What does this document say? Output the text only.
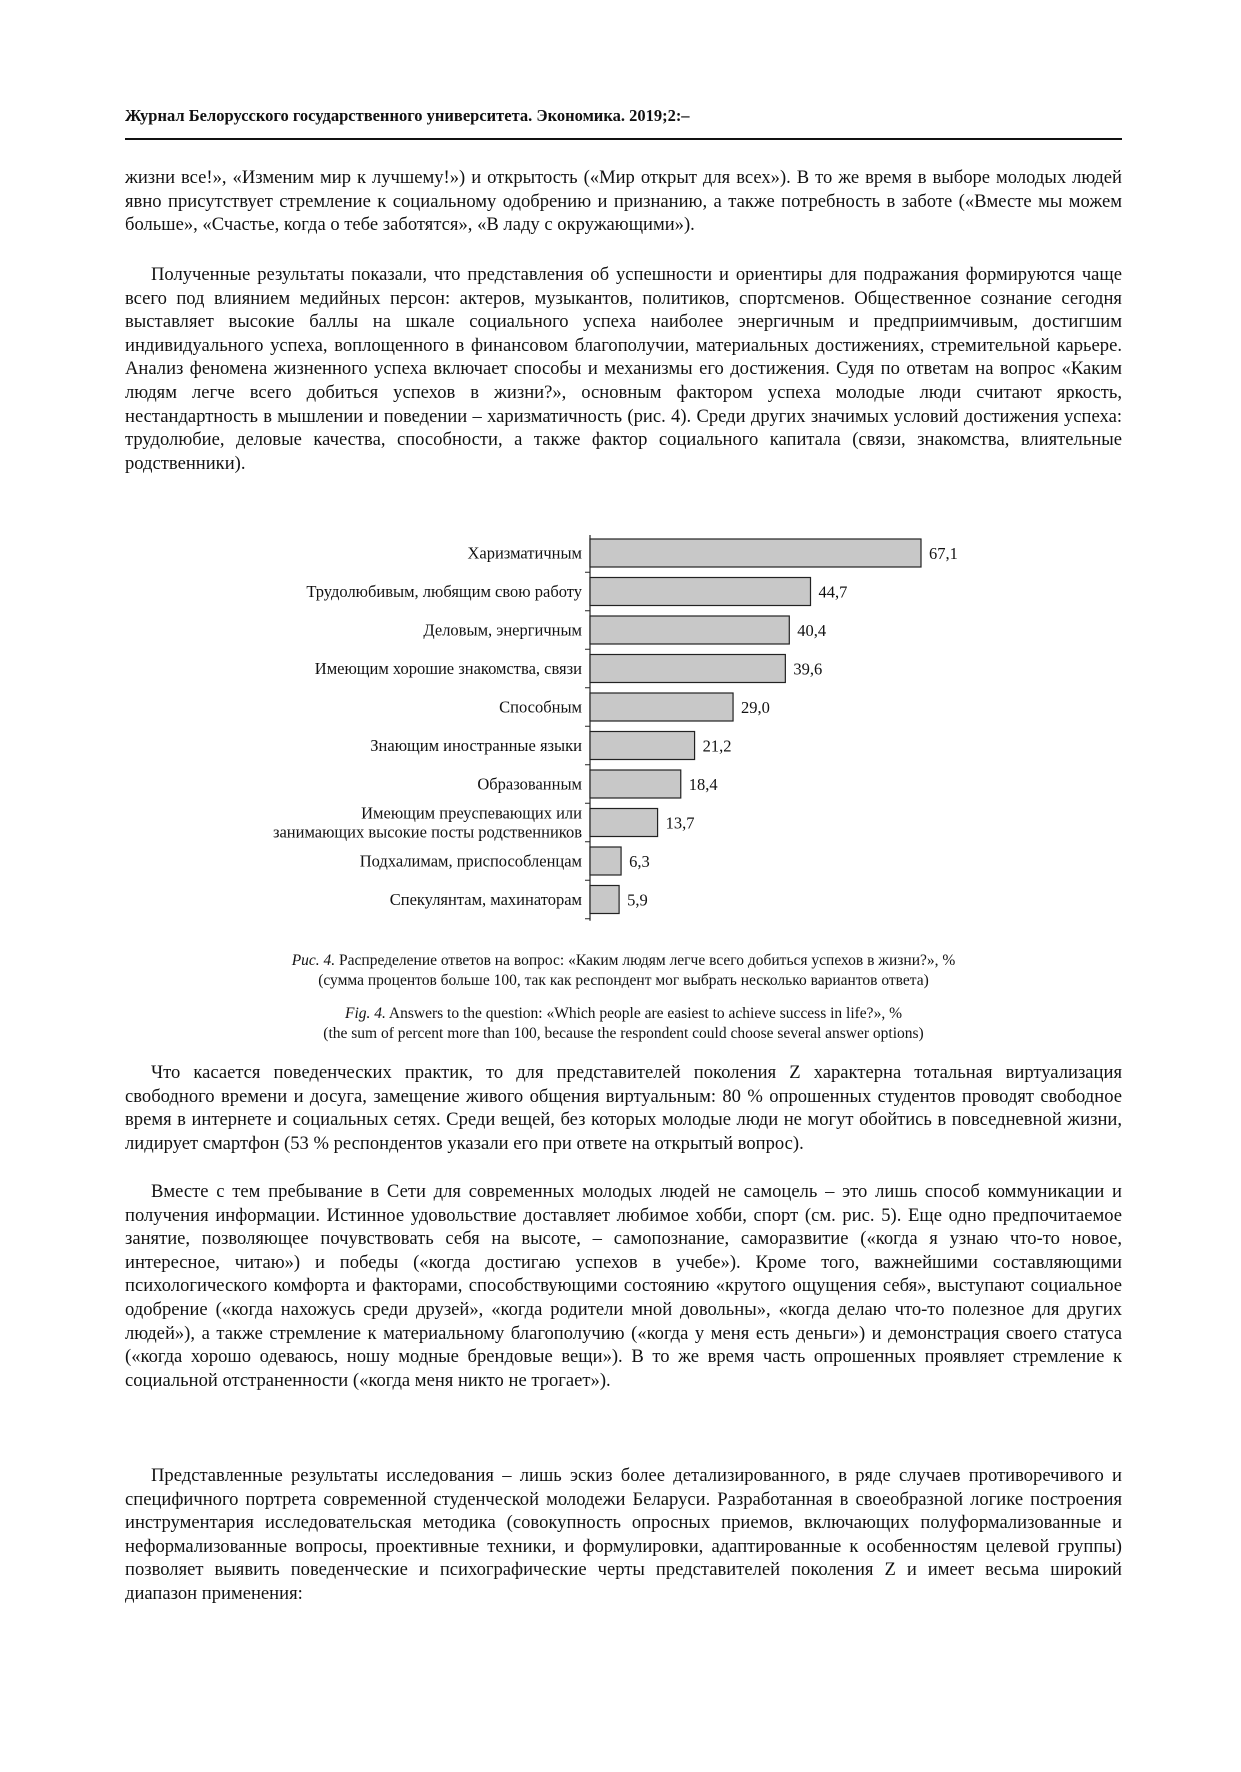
Журнал Белорусского государственного университета. Экономика. 2019;2:–

жизни все!», «Изменим мир к лучшему!») и открытость («Мир открыт для всех»). В то же время в выборе молодых людей явно присутствует стремление к социальному одобрению и признанию, а также потребность в заботе («Вместе мы можем больше», «Счастье, когда о тебе заботятся», «В ладу с окружающими»).

Полученные результаты показали, что представления об успешности и ориентиры для подражания формируются чаще всего под влиянием медийных персон: актеров, музыкантов, политиков, спортсменов. Общественное сознание сегодня выставляет высокие баллы на шкале социального успеха наиболее энергичным и предприимчивым, достигшим индивидуального успеха, воплощенного в финансовом благополучии, материальных достижениях, стремительной карьере. Анализ феномена жизненного успеха включает способы и механизмы его достижения. Судя по ответам на вопрос «Каким людям легче всего добиться успехов в жизни?», основным фактором успеха молодые люди считают яркость, нестандартность в мышлении и поведении – харизматичность (рис. 4). Среди других значимых условий достижения успеха: трудолюбие, деловые качества, способности, а также фактор социального капитала (связи, знакомства, влиятельные родственники).

67,1
Харизматичным
44,7
Трудолюбивым, любящим свою работу
40,4
Деловым, энергичным
39,6
Имеющим хорошие знакомства, связи
29,0
Способным
21,2
Знающим иностранные языки
18,4
Образованным
13,7
Имеющим преуспевающих или занимающих высокие посты родственников
6,3
Подхалимам, приспособленцам
5,9
Спекулянтам, махинаторам
Рис. 4. Распределение ответов на вопрос: «Каким людям легче всего добиться успехов в жизни?», %
(сумма процентов больше 100, так как респондент мог выбрать несколько вариантов ответа)
Fig. 4. Answers to the question: «Which people are easiest to achieve success in life?», %
(the sum of percent more than 100, because the respondent could choose several answer options)

Что касается поведенческих практик, то для представителей поколения Z характерна тотальная виртуализация свободного времени и досуга, замещение живого общения виртуальным: 80 % опрошенных студентов проводят свободное время в интернете и социальных сетях. Среди вещей, без которых молодые люди не могут обойтись в повседневной жизни, лидирует смартфон (53 % респондентов указали его при ответе на открытый вопрос).

Вместе с тем пребывание в Сети для современных молодых людей не самоцель – это лишь способ коммуникации и получения информации. Истинное удовольствие доставляет любимое хобби, спорт (см. рис. 5). Еще одно предпочитаемое занятие, позволяющее почувствовать себя на высоте, – самопознание, саморазвитие («когда я узнаю что-то новое, интересное, читаю») и победы («когда достигаю успехов в учебе»). Кроме того, важнейшими составляющими психологического комфорта и факторами, способствующими состоянию «крутого ощущения себя», выступают социальное одобрение («когда нахожусь среди друзей», «когда родители мной довольны», «когда делаю что-то полезное для других людей»), а также стремление к материальному благополучию («когда у меня есть деньги») и демонстрация своего статуса («когда хорошо одеваюсь, ношу модные брендовые вещи»). В то же время часть опрошенных проявляет стремление к социальной отстраненности («когда меня никто не трогает»).

Представленные результаты исследования – лишь эскиз более детализированного, в ряде случаев противоречивого и специфичного портрета современной студенческой молодежи Беларуси. Разработанная в своеобразной логике построения инструментария исследовательская методика (совокупность опросных приемов, включающих полуформализованные и неформализованные вопросы, проективные техники, и формулировки, адаптированные к особенностям целевой группы) позволяет выявить поведенческие и психографические черты представителей поколения Z и имеет весьма широкий диапазон применения:
